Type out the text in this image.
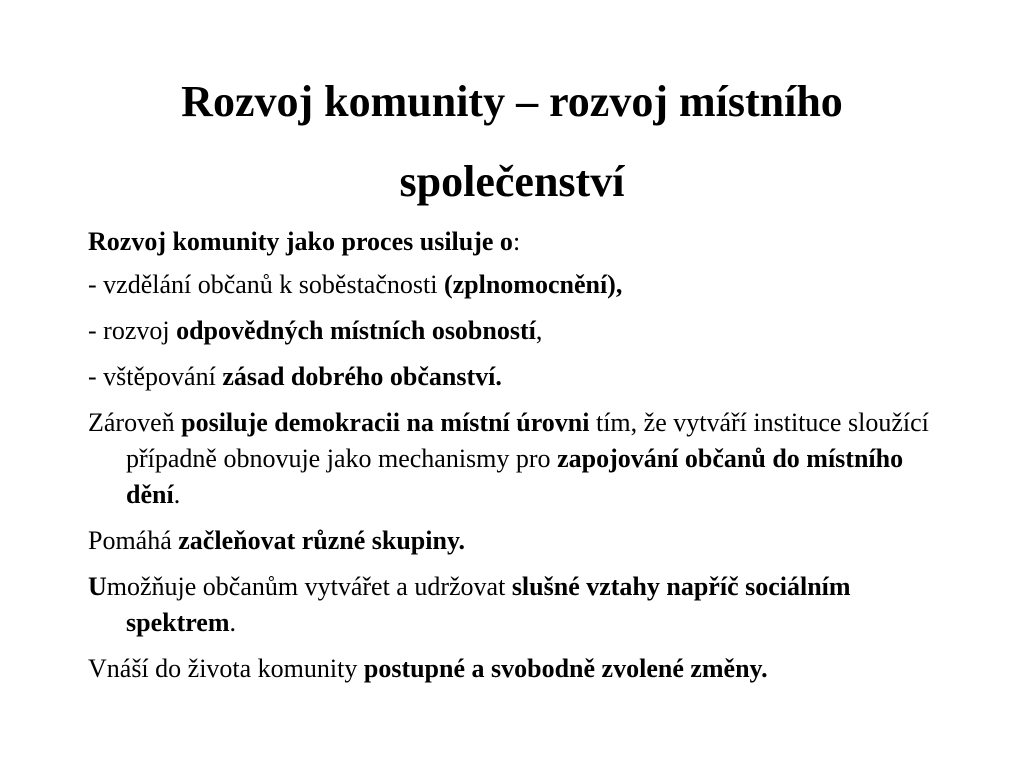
Rozvoj komunity – rozvoj místního
společenství

Rozvoj komunity jako proces usiluje o:

- vzdělání občanů k soběstačnosti (zplnomocnění),

- rozvoj odpovědných místních osobností,

- vštěpování zásad dobrého občanství.

Zároveň posiluje demokracii na místní úrovni tím, že vytváří instituce sloužící případně obnovuje jako mechanismy pro zapojování občanů do místního dění.

Pomáhá začleňovat různé skupiny.

Umožňuje občanům vytvářet a udržovat slušné vztahy napříč sociálním spektrem.

Vnáší do života komunity postupné a svobodně zvolené změny.
